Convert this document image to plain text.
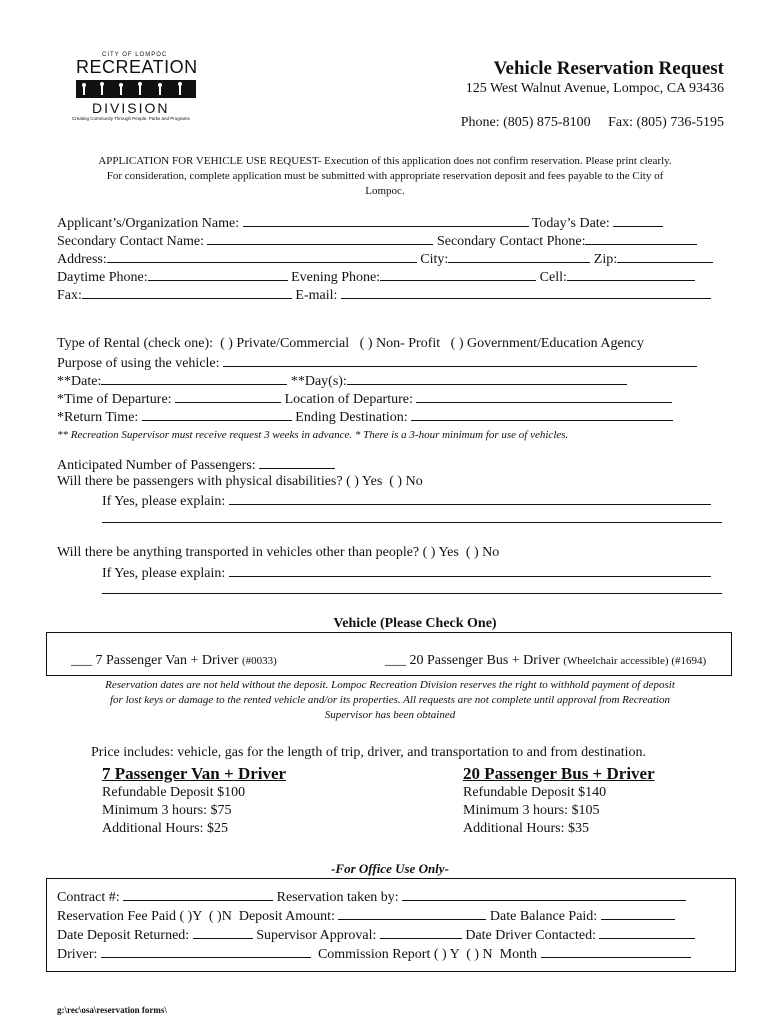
CITY OF LOMPOC
RECREATION
DIVISION
Creating Community Through People, Parks and Programs
Vehicle Reservation Request
125 West Walnut Avenue, Lompoc, CA 93436

Phone: (805) 875-8100 Fax: (805) 736-5195

APPLICATION FOR VEHICLE USE REQUEST- Execution of this application does not confirm reservation. Please print clearly.
For consideration, complete application must be submitted with appropriate reservation deposit and fees payable to the City of
Lompoc.
Applicant’s/Organization Name:	Today’s Date:
Secondary Contact Name:	Secondary Contact Phone:
Address:	City:	Zip:
Daytime Phone:	Evening Phone:	Cell:
Fax:	E-mail:
Type of Rental (check one): ( ) Private/Commercial ( ) Non- Profit ( ) Government/Education Agency
Purpose of using the vehicle:
**Date:	**Day(s):
*Time of Departure:	Location of Departure:
*Return Time:	Ending Destination:
** Recreation Supervisor must receive request 3 weeks in advance. * There is a 3-hour minimum for use of vehicles.
Anticipated Number of Passengers:
Will there be passengers with physical disabilities? ( ) Yes  ( ) No
If Yes, please explain:
Will there be anything transported in vehicles other than people? ( ) Yes  ( ) No
If Yes, please explain:
Vehicle (Please Check One)

___ 7 Passenger Van + Driver (#0033)
	___ 20 Passenger Bus + Driver (Wheelchair accessible) (#1694)

Reservation dates are not held without the deposit. Lompoc Recreation Division reserves the right to withhold payment of deposit
for lost keys or damage to the rented vehicle and/or its properties. All requests are not complete until approval from Recreation
Supervisor has been obtained
Price includes: vehicle, gas for the length of trip, driver, and transportation to and from destination.
7 Passenger Van + Driver
Refundable Deposit $100
Minimum 3 hours: $75
Additional Hours: $25
20 Passenger Bus + Driver
Refundable Deposit $140
Minimum 3 hours: $105
Additional Hours: $35
-For Office Use Only-
Contract #:	Reservation taken by:
Reservation Fee Paid ( )Y  ( )N Deposit Amount:	Date Balance Paid:
Date Deposit Returned:	Supervisor Approval:	Date Driver Contacted:
Driver:	Commission Report ( ) Y  ( ) N Month
g:\rec\osa\reservation forms\
